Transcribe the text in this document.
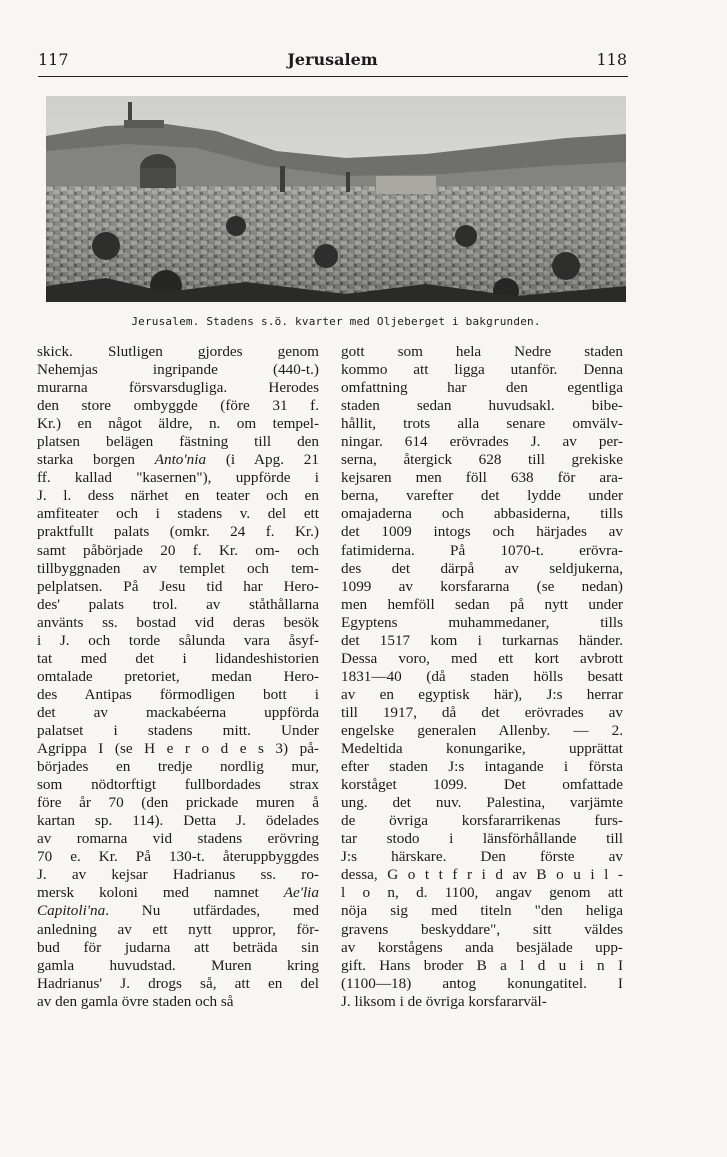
117	Jerusalem	118
Jerusalem. Stadens s.ö. kvarter med Oljeberget i bakgrunden.
skick. Slutligen gjordes genom
Nehemjas ingripande (440-t.)
murarna försvarsdugliga. Herodes
den store ombyggde (före 31 f.
Kr.) en något äldre, n. om tempel-
platsen belägen fästning till den
starka borgen Anto'nia (i Apg. 21
ff. kallad "kasernen"), uppförde i
J. l. dess närhet en teater och en
amfiteater och i stadens v. del ett
praktfullt palats (omkr. 24 f. Kr.)
samt påbörjade 20 f. Kr. om- och
tillbyggnaden av templet och tem-
pelplatsen. På Jesu tid har Hero-
des' palats trol. av ståthållarna
använts ss. bostad vid deras besök
i J. och torde sålunda vara åsyf-
tat med det i lidandeshistorien
omtalade pretoriet, medan Hero-
des Antipas förmodligen bott i
det av mackabéerna uppförda
palatset i stadens mitt. Under
Agrippa I (se H e r o d e s 3) på-
börjades en tredje nordlig mur,
som nödtorftigt fullbordades strax
före år 70 (den prickade muren å
kartan sp. 114). Detta J. ödelades
av romarna vid stadens erövring
70 e. Kr. På 130-t. återuppbyggdes
J. av kejsar Hadrianus ss. ro-
mersk koloni med namnet Ae'lia
Capitoli'na. Nu utfärdades, med
anledning av ett nytt uppror, för-
bud för judarna att beträda sin
gamla huvudstad. Muren kring
Hadrianus' J. drogs så, att en del
av den gamla övre staden och så
gott som hela Nedre staden
kommo att ligga utanför. Denna
omfattning har den egentliga
staden sedan huvudsakl. bibe-
hållit, trots alla senare omvälv-
ningar. 614 erövrades J. av per-
serna, återgick 628 till grekiske
kejsaren men föll 638 för ara-
berna, varefter det lydde under
omajaderna och abbasiderna, tills
det 1009 intogs och härjades av
fatimiderna. På 1070-t. erövra-
des det därpå av seldjukerna,
1099 av korsfararna (se nedan)
men hemföll sedan på nytt under
Egyptens muhammedaner, tills
det 1517 kom i turkarnas händer.
Dessa voro, med ett kort avbrott
1831—40 (då staden hölls besatt
av en egyptisk här), J:s herrar
till 1917, då det erövrades av
engelske generalen Allenby. — 2.
Medeltida konungarike, upprättat
efter staden J:s intagande i första
korståget 1099. Det omfattade
ung. det nuv. Palestina, varjämte
de övriga korsfararrikenas furs-
tar stodo i länsförhållande till
J:s härskare. Den förste av
dessa, G o t t f r i d av B o u i l -
l o n, d. 1100, angav genom att
nöja sig med titeln "den heliga
gravens beskyddare", sitt väldes
av korstågens anda besjälade upp-
gift. Hans broder B a l d u i n I
(1100—18) antog konungatitel. I
J. liksom i de övriga korsfararväl-
